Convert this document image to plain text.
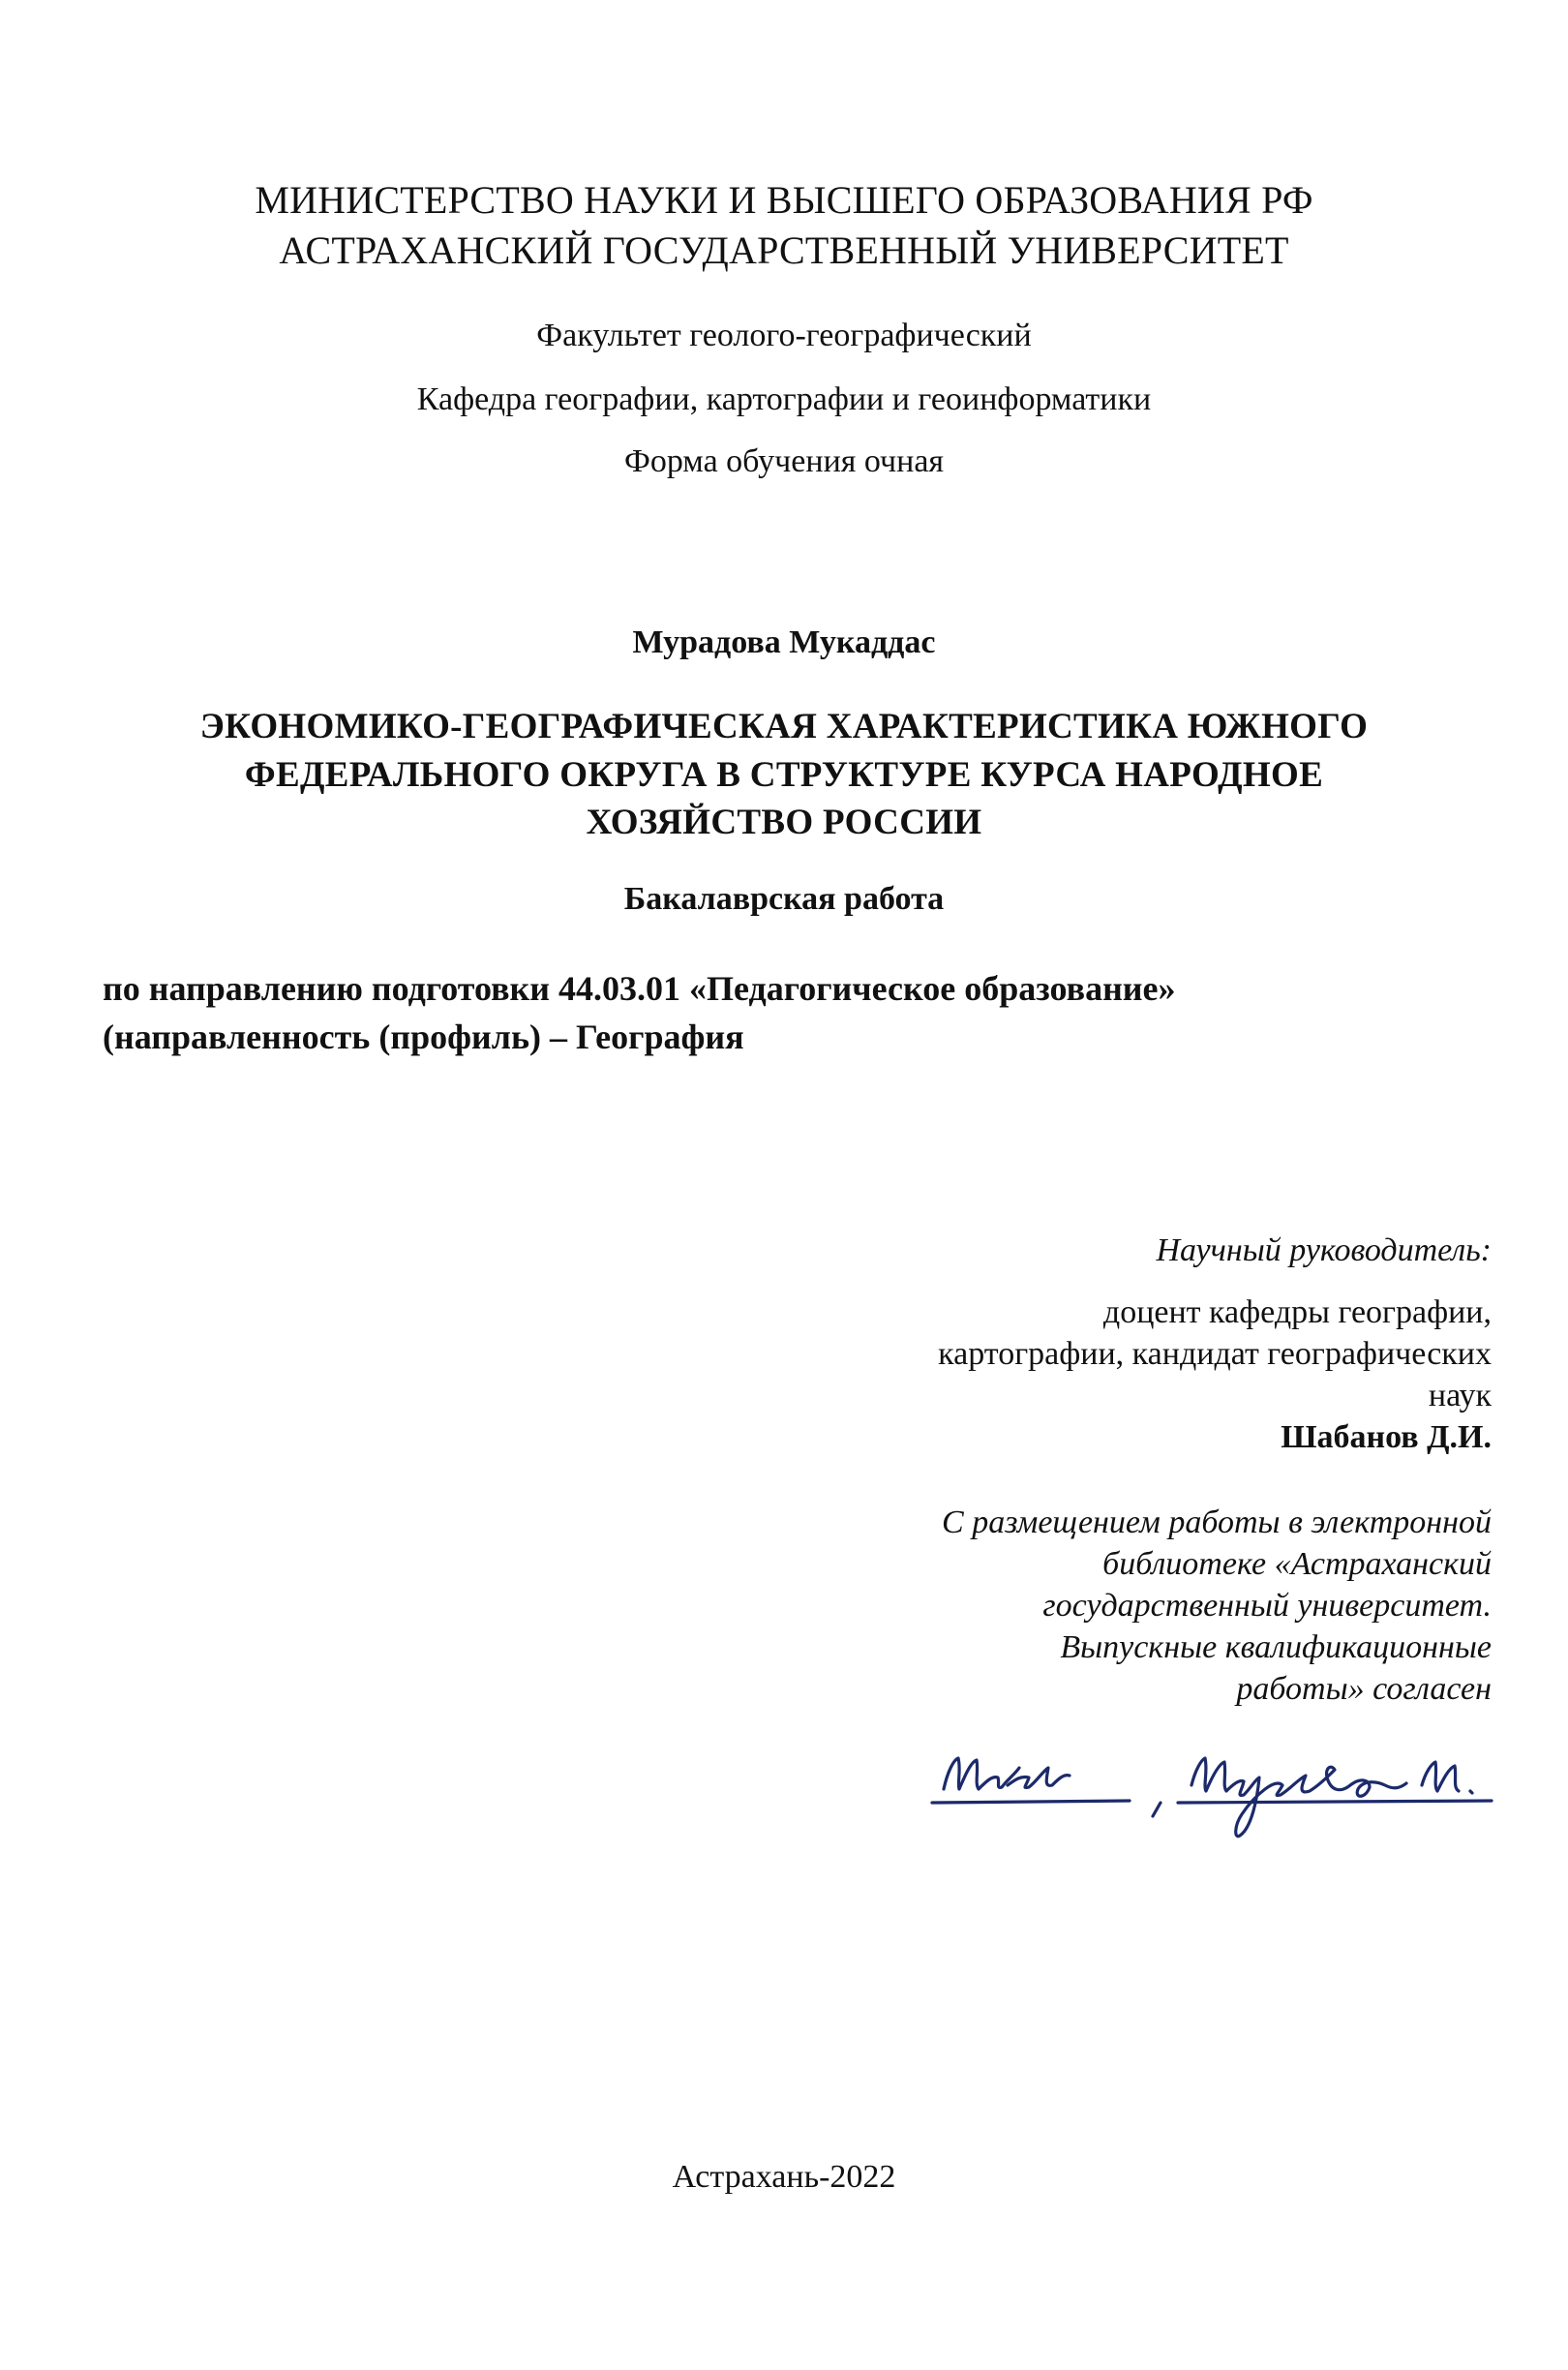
МИНИСТЕРСТВО НАУКИ И ВЫСШЕГО ОБРАЗОВАНИЯ РФ
АСТРАХАНСКИЙ ГОСУДАРСТВЕННЫЙ УНИВЕРСИТЕТ
Факультет геолого-географический
Кафедра географии, картографии и геоинформатики
Форма обучения очная
Мурадова Мукаддас
ЭКОНОМИКО-ГЕОГРАФИЧЕСКАЯ ХАРАКТЕРИСТИКА ЮЖНОГО
ФЕДЕРАЛЬНОГО ОКРУГА В СТРУКТУРЕ КУРСА НАРОДНОЕ
ХОЗЯЙСТВО РОССИИ
Бакалаврская работа
по направлению подготовки 44.03.01 «Педагогическое образование»
(направленность (профиль) – География
Научный руководитель:
доцент кафедры географии,
картографии, кандидат географических
наук
Шабанов Д.И.
С размещением работы в электронной
библиотеке «Астраханский
государственный университет.
Выпускные квалификационные
работы» согласен
Астрахань-2022
